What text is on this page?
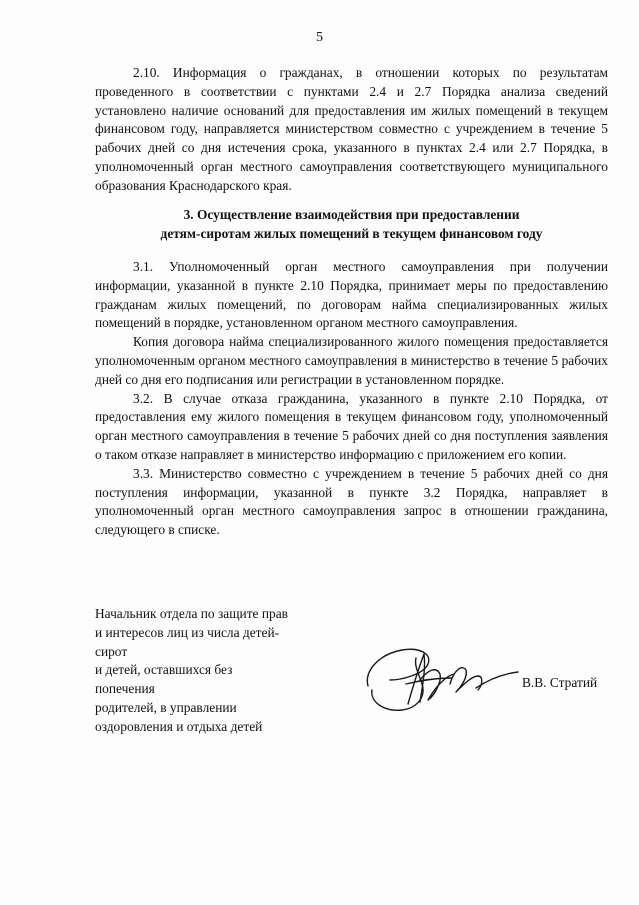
5

2.10. Информация о гражданах, в отношении которых по результатам проведенного в соответствии с пунктами 2.4 и 2.7 Порядка анализа сведений установлено наличие оснований для предоставления им жилых помещений в текущем финансовом году, направляется министерством совместно с учреждением в течение 5 рабочих дней со дня истечения срока, указанного в пунктах 2.4 или 2.7 Порядка, в уполномоченный орган местного самоуправления соответствующего муниципального образования Краснодарского края.

3. Осуществление взаимодействия при предоставлении
детям-сиротам жилых помещений в текущем финансовом году

3.1. Уполномоченный орган местного самоуправления при получении информации, указанной в пункте 2.10 Порядка, принимает меры по предоставлению гражданам жилых помещений, по договорам найма специализированных жилых помещений в порядке, установленном органом местного самоуправления.

Копия договора найма специализированного жилого помещения предоставляется уполномоченным органом местного самоуправления в министерство в течение 5 рабочих дней со дня его подписания или регистрации в установленном порядке.

3.2. В случае отказа гражданина, указанного в пункте 2.10 Порядка, от предоставления ему жилого помещения в текущем финансовом году, уполномоченный орган местного самоуправления в течение 5 рабочих дней со дня поступления заявления о таком отказе направляет в министерство информацию с приложением его копии.

3.3. Министерство совместно с учреждением в течение 5 рабочих дней со дня поступления информации, указанной в пункте 3.2 Порядка, направляет в уполномоченный орган местного самоуправления запрос в отношении гражданина, следующего в списке.

Начальник отдела по защите прав
и интересов лиц из числа детей-сирот
и детей, оставшихся без попечения
родителей, в управлении
оздоровления и отдыха детей
В.В. Стратий
